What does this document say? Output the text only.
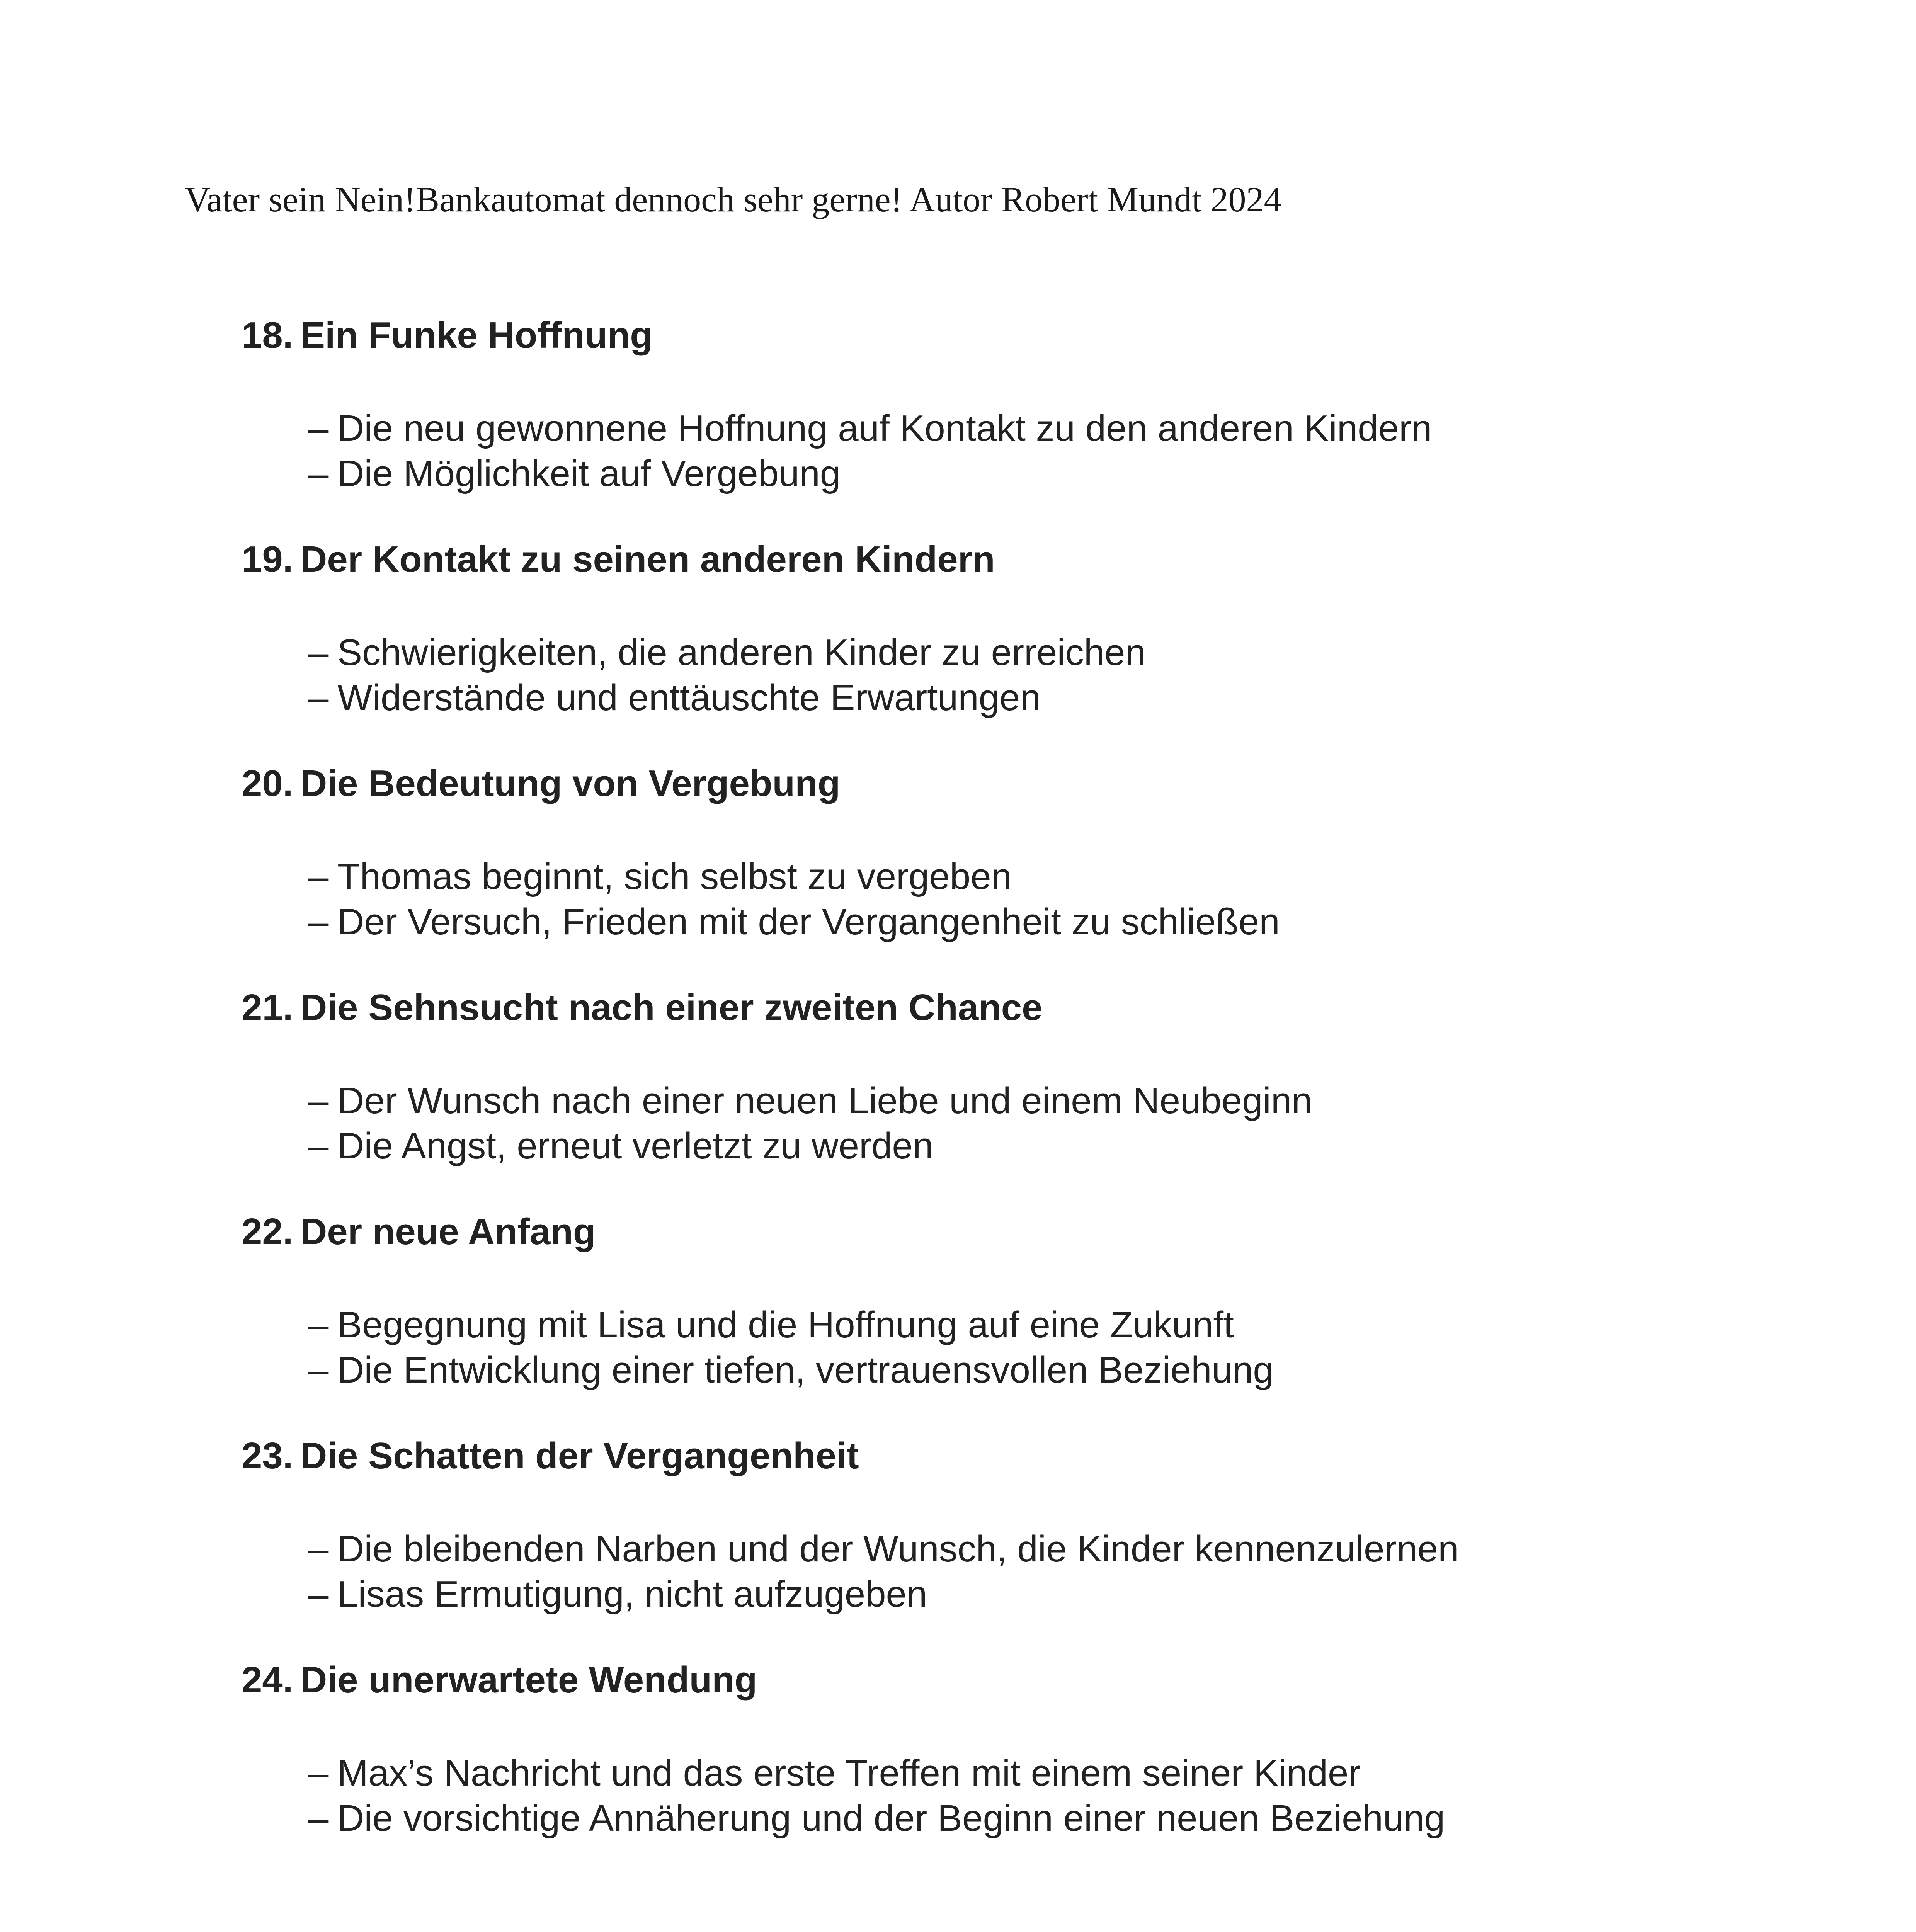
Vater sein Nein!Bankautomat dennoch sehr gerne! Autor Robert Mundt 2024
18. Ein Funke Hoffnung
– Die neu gewonnene Hoffnung auf Kontakt zu den anderen Kindern
– Die Möglichkeit auf Vergebung
19. Der Kontakt zu seinen anderen Kindern
– Schwierigkeiten, die anderen Kinder zu erreichen
– Widerstände und enttäuschte Erwartungen
20. Die Bedeutung von Vergebung
– Thomas beginnt, sich selbst zu vergeben
– Der Versuch, Frieden mit der Vergangenheit zu schließen
21. Die Sehnsucht nach einer zweiten Chance
– Der Wunsch nach einer neuen Liebe und einem Neubeginn
– Die Angst, erneut verletzt zu werden
22. Der neue Anfang
– Begegnung mit Lisa und die Hoffnung auf eine Zukunft
– Die Entwicklung einer tiefen, vertrauensvollen Beziehung
23. Die Schatten der Vergangenheit
– Die bleibenden Narben und der Wunsch, die Kinder kennenzulernen
– Lisas Ermutigung, nicht aufzugeben
24. Die unerwartete Wendung
– Max’s Nachricht und das erste Treffen mit einem seiner Kinder
– Die vorsichtige Annäherung und der Beginn einer neuen Beziehung
